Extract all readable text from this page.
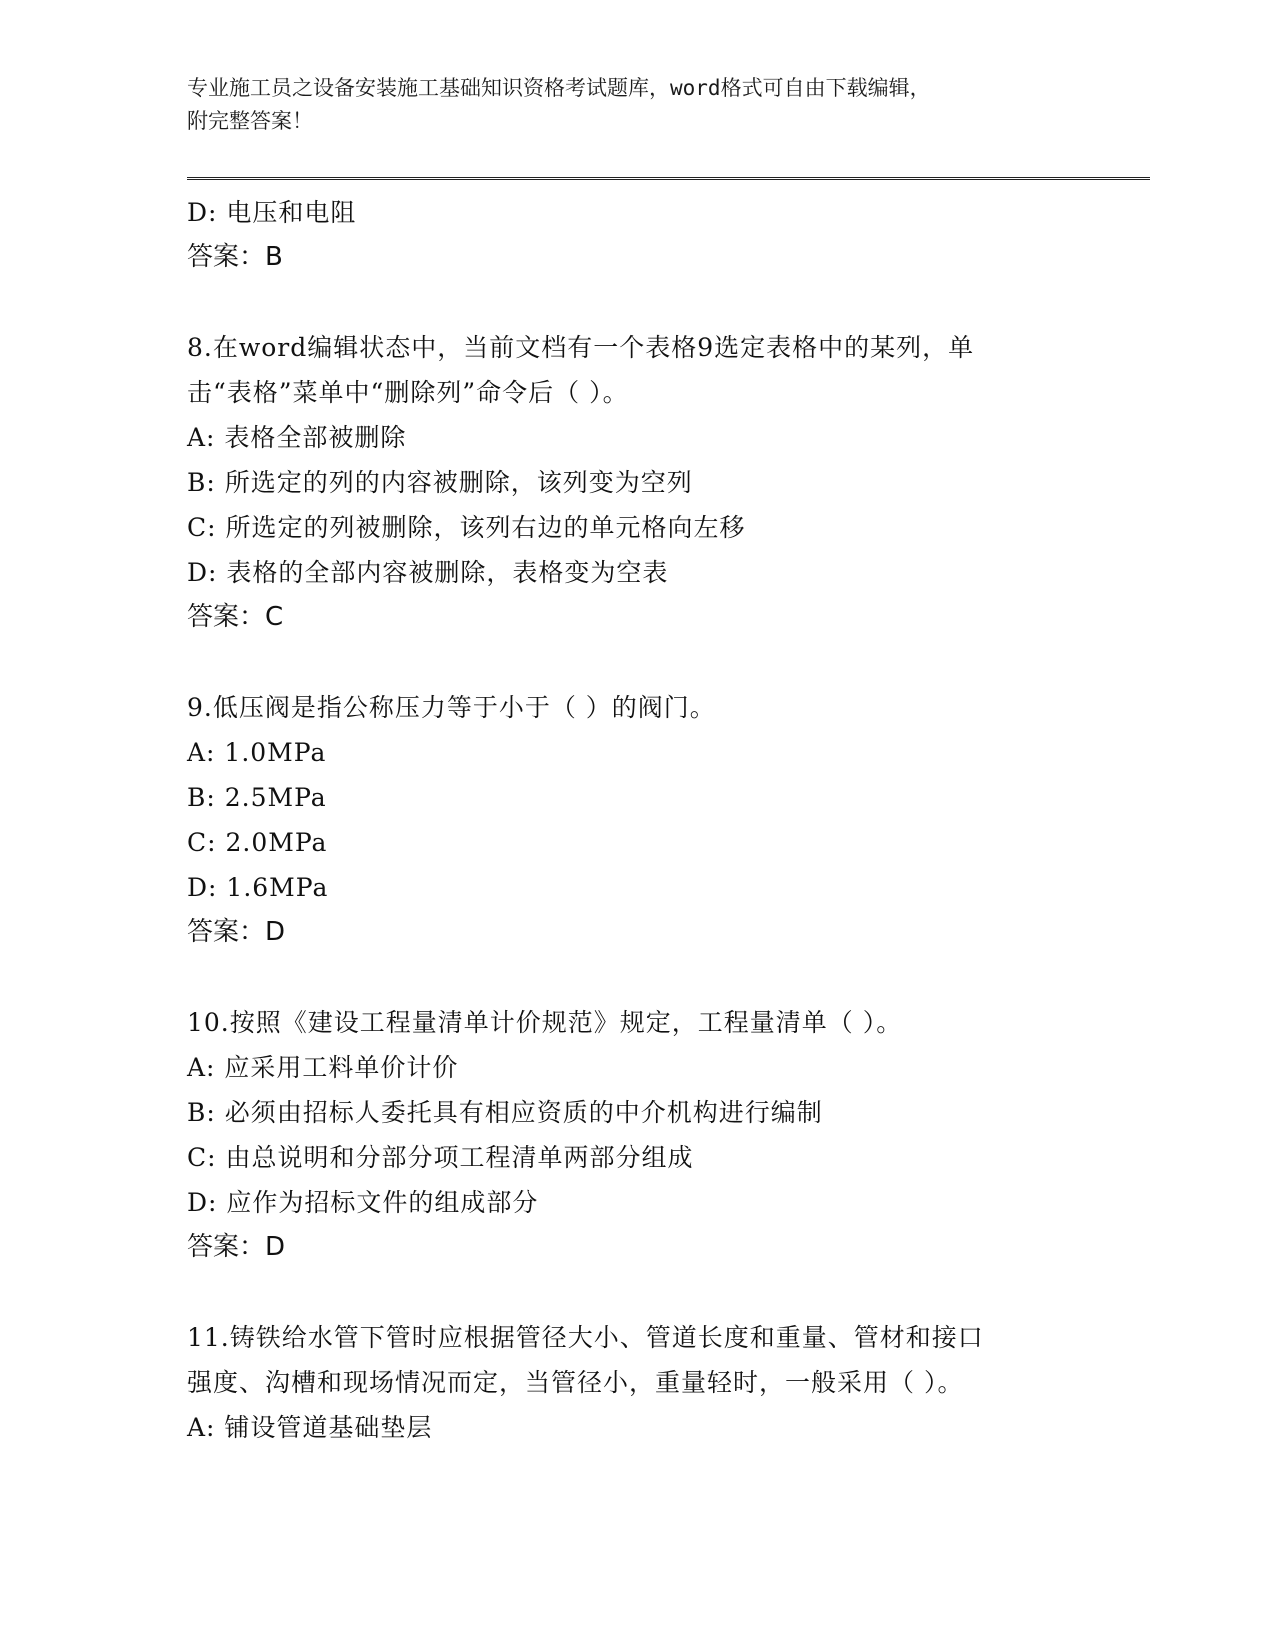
专业施工员之设备安装施工基础知识资格考试题库，word格式可自由下载编辑，
附完整答案！
D: 电压和电阻
答案：B
8.在word编辑状态中，当前文档有一个表格9选定表格中的某列，单
击“表格”菜单中“删除列”命令后（ ）。
A: 表格全部被删除
B: 所选定的列的内容被删除，该列变为空列
C: 所选定的列被删除，该列右边的单元格向左移
D: 表格的全部内容被删除，表格变为空表
答案：C
9.低压阀是指公称压力等于小于（ ）的阀门。
A: 1.0MPa
B: 2.5MPa
C: 2.0MPa
D: 1.6MPa
答案：D
10.按照《建设工程量清单计价规范》规定，工程量清单（ ）。
A: 应采用工料单价计价
B: 必须由招标人委托具有相应资质的中介机构进行编制
C: 由总说明和分部分项工程清单两部分组成
D: 应作为招标文件的组成部分
答案：D
11.铸铁给水管下管时应根据管径大小、管道长度和重量、管材和接口
强度、沟槽和现场情况而定，当管径小，重量轻时，一般采用（ ）。
A: 铺设管道基础垫层
